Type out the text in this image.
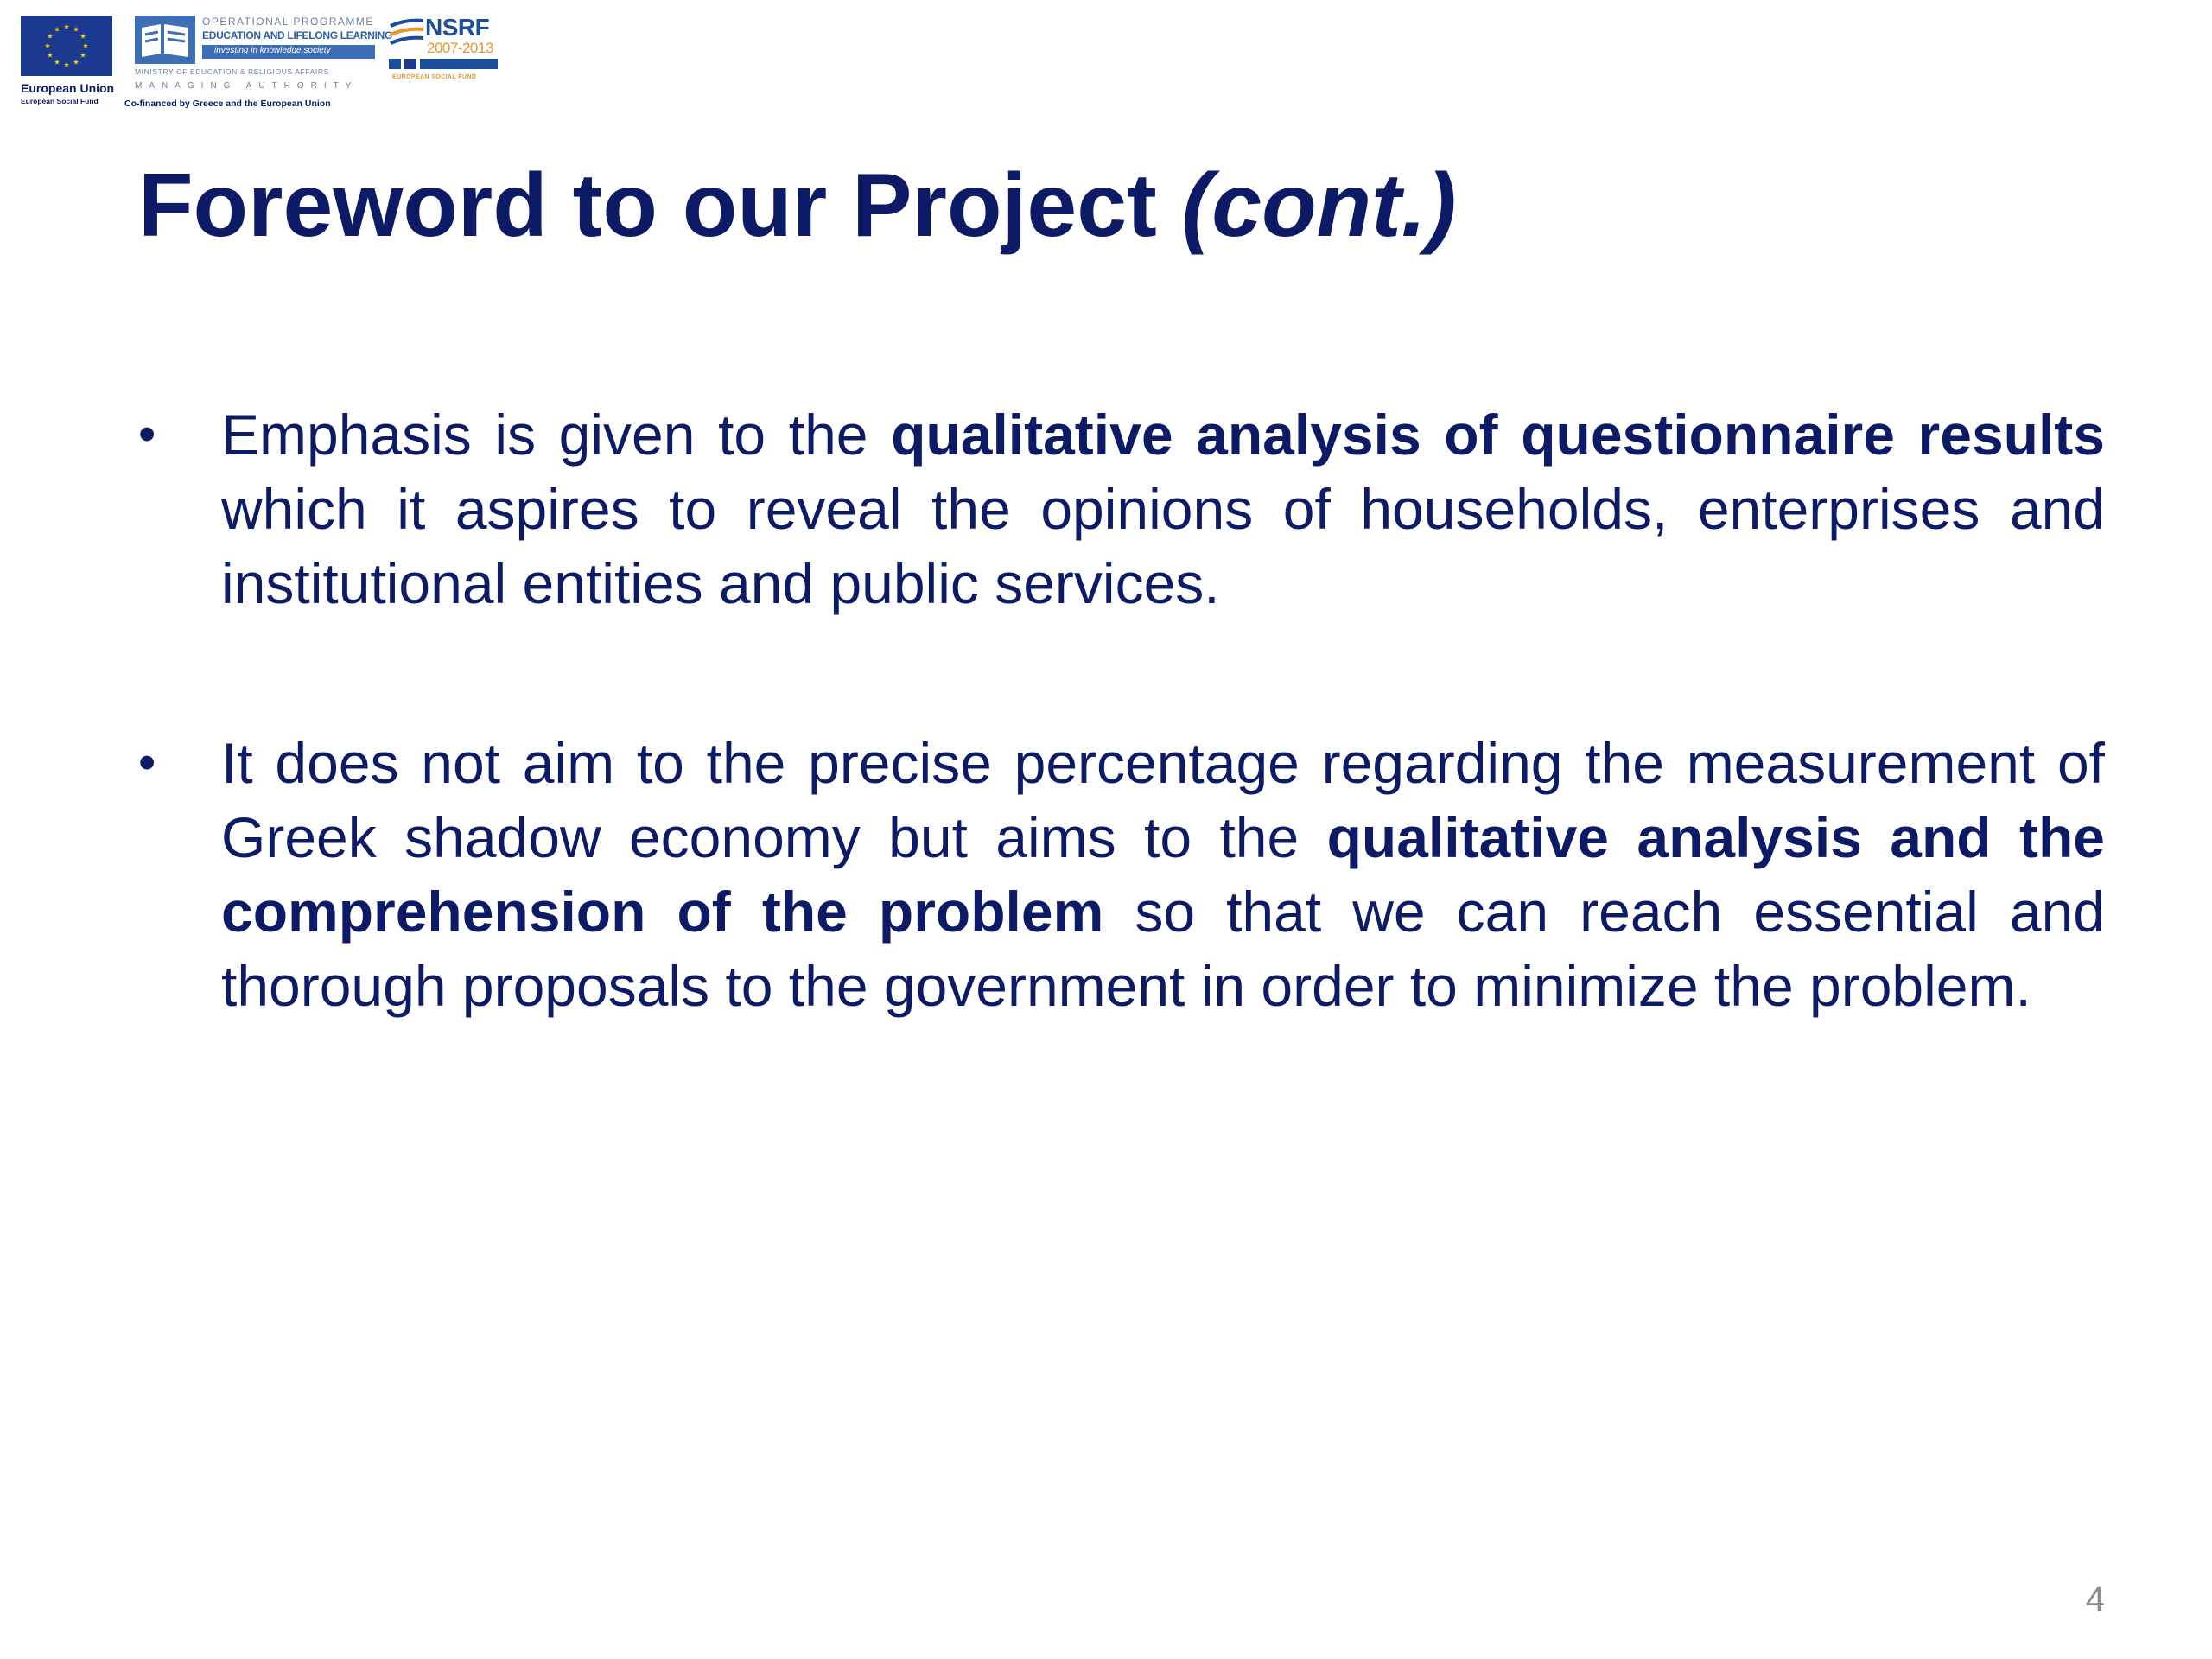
European Union
European Social Fund
OPERATIONAL PROGRAMME
EDUCATION AND LIFELONG LEARNING
investing in knowledge society
MINISTRY OF EDUCATION & RELIGIOUS AFFAIRS
MANAGING AUTHORITY
Co-financed by Greece and the European Union
NSRF
2007-2013
EUROPEAN SOCIAL FUND
Foreword to our Project (cont.)
• Emphasis is given to the qualitative analysis of questionnaire results which it aspires to reveal the opinions of households, enterprises and institutional entities and public services.

• It does not aim to the precise percentage regarding the measurement of Greek shadow economy but aims to the qualitative analysis and the comprehension of the problem so that we can reach essential and thorough proposals to the government in order to minimize the problem.

4
